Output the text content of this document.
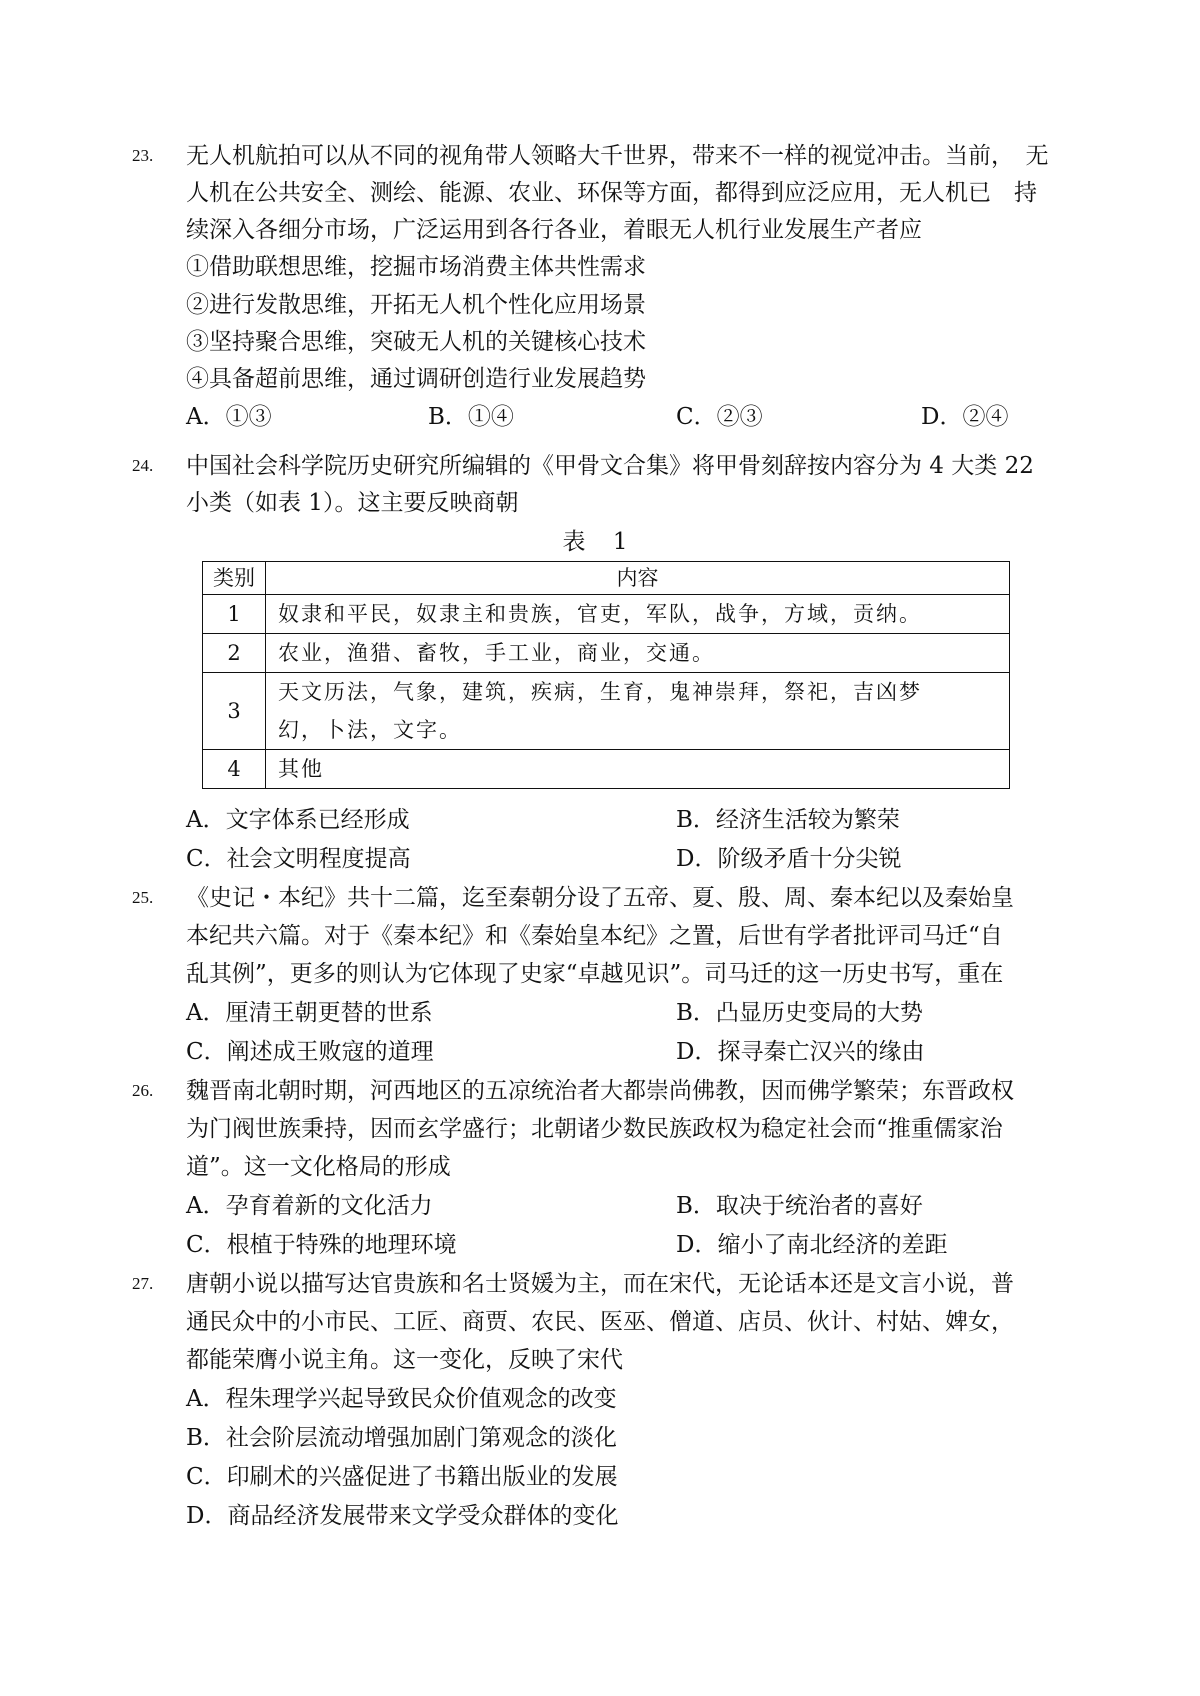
23. 无人机航拍可以从不同的视角带人领略大千世界，带来不一样的视觉冲击。当前，　无
人机在公共安全、测绘、能源、农业、环保等方面，都得到应泛应用，无人机已　持
续深入各细分市场，广泛运用到各行各业，着眼无人机行业发展生产者应
①借助联想思维，挖掘市场消费主体共性需求
②进行发散思维，开拓无人机个性化应用场景
③坚持聚合思维，突破无人机的关键核心技术
④具备超前思维，通过调研创造行业发展趋势
A．①③	B．①④	C．②③	D．②④
24. 中国社会科学院历史研究所编辑的《甲骨文合集》将甲骨刻辞按内容分为 4 大类 22
小类（如表 1）。这主要反映商朝
表 1
类别	内容
1	奴隶和平民，奴隶主和贵族，官吏，军队，战争，方域，贡纳。
2	农业，渔猎、畜牧，手工业，商业，交通。
3	天文历法，气象，建筑，疾病，生育，鬼神崇拜，祭祀，吉凶梦
幻，卜法，文字。

4	其他
A．文字体系已经形成	B．经济生活较为繁荣
C．社会文明程度提高	D．阶级矛盾十分尖锐
25. 《史记・本纪》共十二篇，迄至秦朝分设了五帝、夏、殷、周、秦本纪以及秦始皇
本纪共六篇。对于《秦本纪》和《秦始皇本纪》之置，后世有学者批评司马迁“自
乱其例”，更多的则认为它体现了史家“卓越见识”。司马迁的这一历史书写，重在
A．厘清王朝更替的世系	B．凸显历史变局的大势
C．阐述成王败寇的道理	D．探寻秦亡汉兴的缘由
26. 魏晋南北朝时期，河西地区的五凉统治者大都崇尚佛教，因而佛学繁荣；东晋政权
为门阀世族秉持，因而玄学盛行；北朝诸少数民族政权为稳定社会而“推重儒家治
道”。这一文化格局的形成
A．孕育着新的文化活力	B．取决于统治者的喜好
C．根植于特殊的地理环境	D．缩小了南北经济的差距
27. 唐朝小说以描写达官贵族和名士贤媛为主，而在宋代，无论话本还是文言小说，普
通民众中的小市民、工匠、商贾、农民、医巫、僧道、店员、伙计、村姑、婢女，
都能荣膺小说主角。这一变化，反映了宋代
A．程朱理学兴起导致民众价值观念的改变
B．社会阶层流动增强加剧门第观念的淡化
C．印刷术的兴盛促进了书籍出版业的发展
D．商品经济发展带来文学受众群体的变化
